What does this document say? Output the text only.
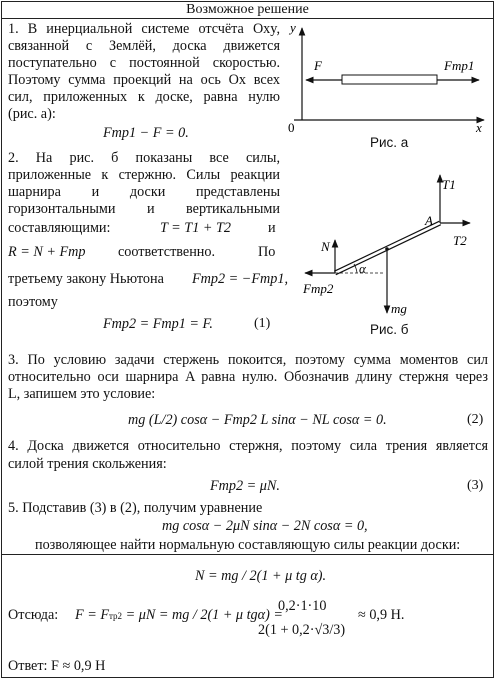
Возможное решение
1. В инерциальной системе отсчёта Oxy,
связанной с Землёй, доска движется
поступательно с постоянной скоростью.
Поэтому сумма проекций на ось Ox всех
сил, приложенных к доске, равна нулю
(рис. а):
Fтр1 − F = 0.
2. На рис. б показаны все силы,
приложенные к стержню. Силы реакции
шарнира и доски представлены
горизонтальными и вертикальными
составляющими:	T = T1 + T2	и
R = N + Fтр соответственно.	По
третьему закону Ньютона Fтр2 = −Fтр1,
поэтому
Fтр2 = Fтр1 = F.	(1)
y
x
0
F	Fтр1
Рис. а
T1
T2
A
N
α
Fтр2
mg
Рис. б
3. По условию задачи стержень покоится, поэтому сумма моментов сил
относительно оси шарнира A равна нулю. Обозначив длину стержня через
L, запишем это условие:
mg (L/2) cosα − Fтр2 L sinα − NL cosα = 0.	(2)
4. Доска движется относительно стержня, поэтому сила трения является
силой трения скольжения:
Fтр2 = μN.	(3)
5. Подставив (3) в (2), получим уравнение
mg cosα − 2μN sinα − 2N cosα = 0,
позволяющее найти нормальную составляющую силы реакции доски:
N = mg / 2(1 + μ tg α).
Отсюда: F = Fтр2 = μN = mg / 2(1 + μ tgα) =
0,2·1·10
2(1 + 0,2·√3/3)
≈ 0,9 Н.
Ответ: F ≈ 0,9 Н
